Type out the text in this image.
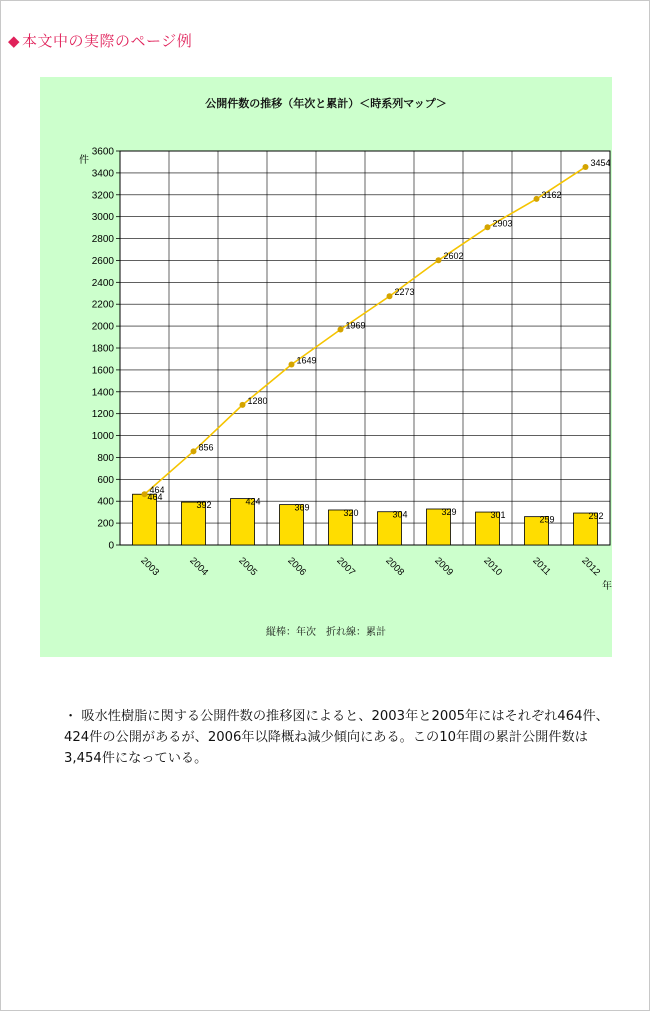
◆ 本文中の実際のページ例
公開件数の推移（年次と累計）＜時系列マップ＞
0
200
400
600
800
1000
1200
1400
1600
1800
2000
2200
2400
2600
2800
3000
3200
3400
3600
件
464
392	424
369
320	304	329	301	259	292
464
856
1280
1649
1969
2273
2602
2903
3162
3454
2003	2004	2005	2006	2007	2008	2009	2010	2011	2012
年
縦棒：年次　折れ線：累計

・ 吸水性樹脂に関する公開件数の推移図によると、2003年と2005年にはそれぞれ464件、424件の公開があるが、2006年以降概ね減少傾向にある。この10年間の累計公開件数は3,454件になっている。
